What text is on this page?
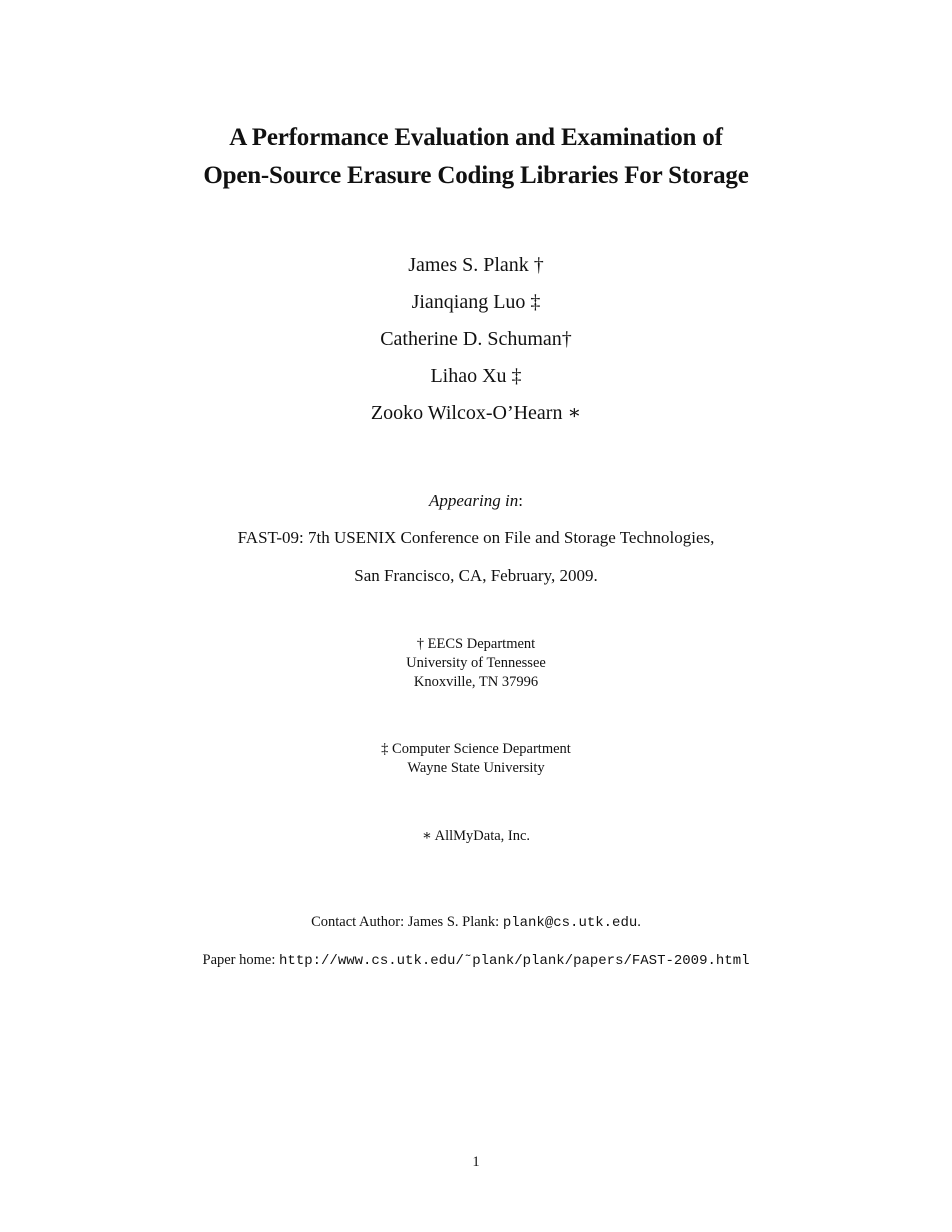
A Performance Evaluation and Examination of
Open-Source Erasure Coding Libraries For Storage
James S. Plank †
Jianqiang Luo ‡
Catherine D. Schuman†
Lihao Xu ‡
Zooko Wilcox-O’Hearn ∗
Appearing in:
FAST-09: 7th USENIX Conference on File and Storage Technologies,
San Francisco, CA, February, 2009.
† EECS Department
University of Tennessee
Knoxville, TN 37996
‡ Computer Science Department
Wayne State University
∗ AllMyData, Inc.
Contact Author: James S. Plank: plank@cs.utk.edu.
Paper home: http://www.cs.utk.edu/˜plank/plank/papers/FAST-2009.html
1
